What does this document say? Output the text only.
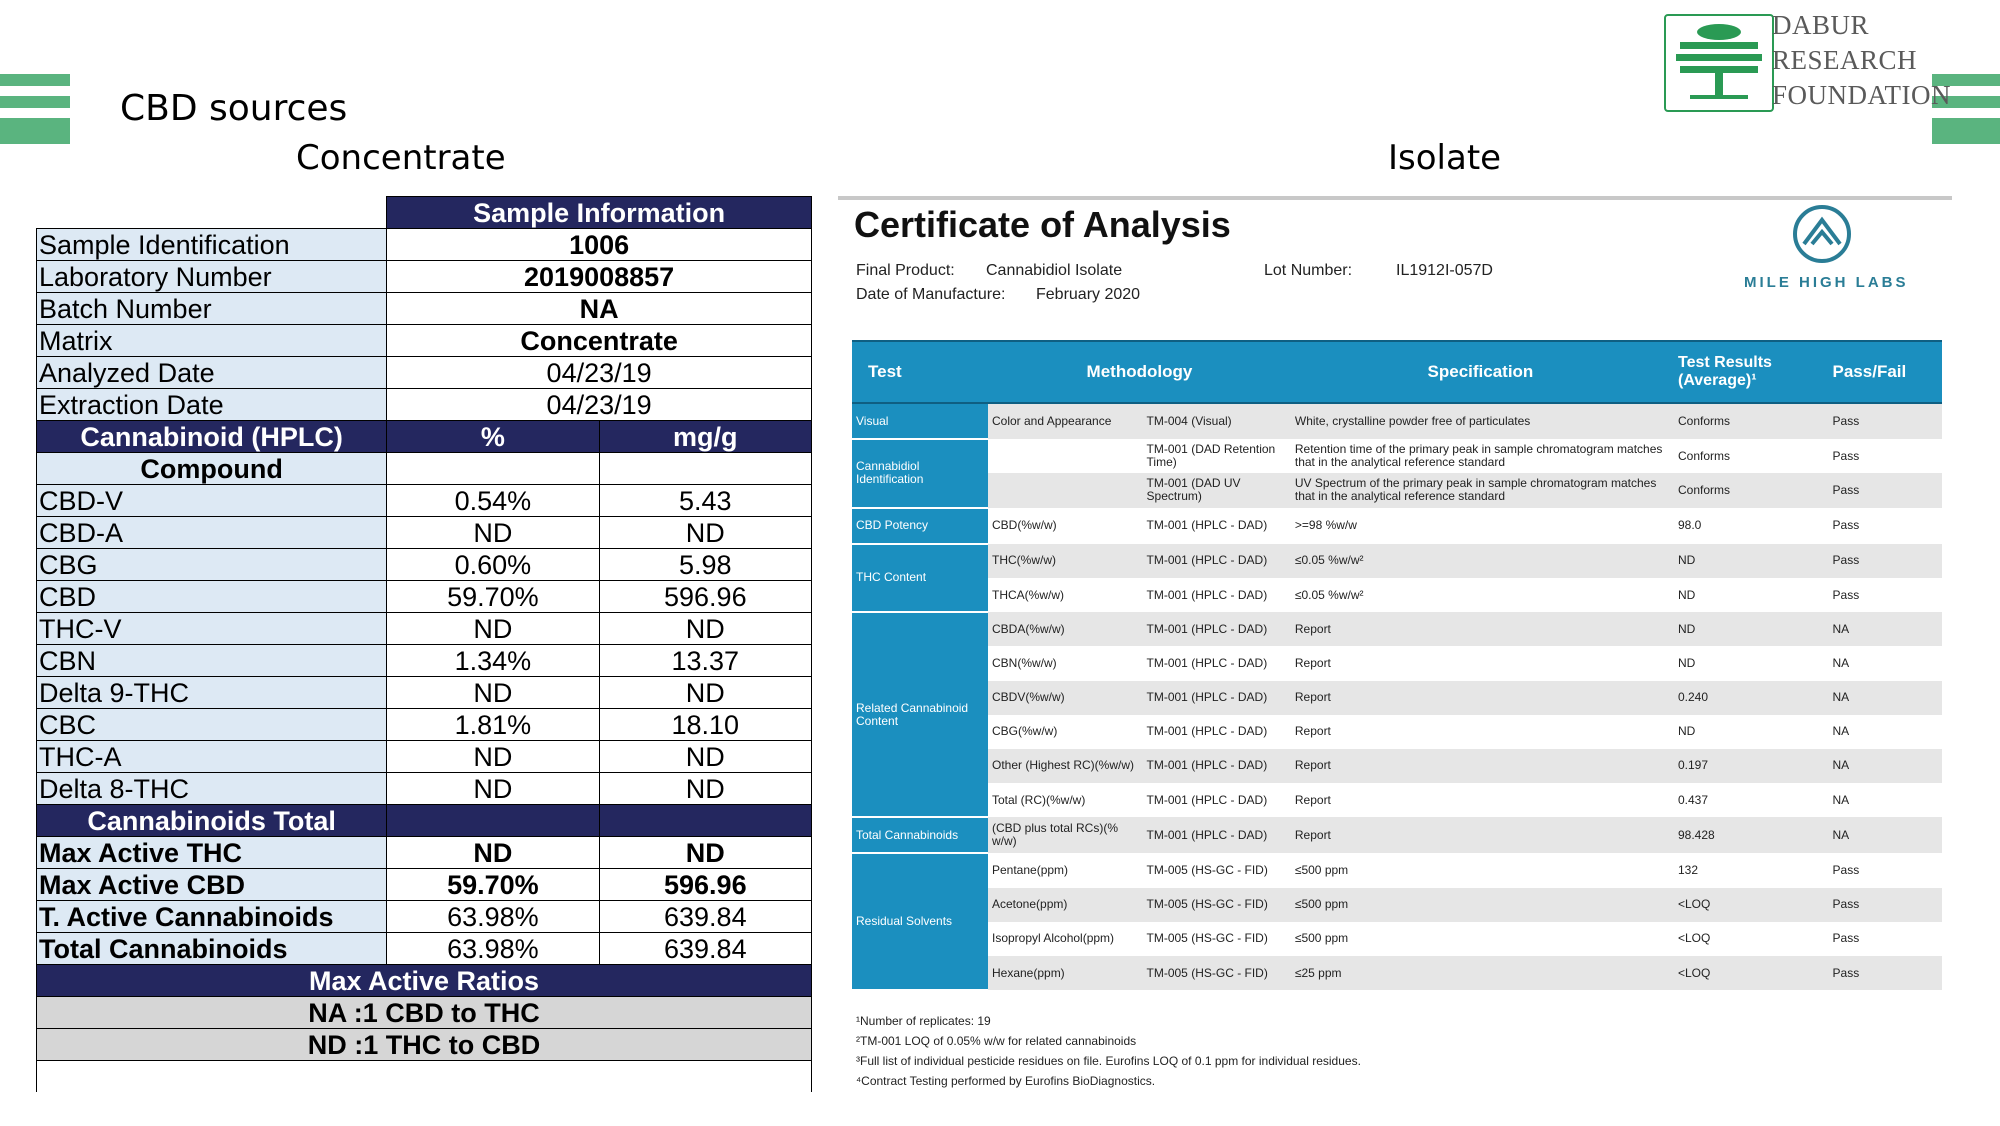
DABUR
RESEARCH
FOUNDATION
CBD sources
Concentrate	Isolate
	Sample Information	
Sample Identification	1006	
Laboratory Number	2019008857	
Batch Number	NA	
Matrix	Concentrate	
Analyzed Date	04/23/19	
Extraction Date	04/23/19	
Cannabinoid (HPLC)	%	mg/g
Compound		
CBD-V	0.54%	5.43
CBD-A	ND	ND
CBG	0.60%	5.98
CBD	59.70%	596.96
THC-V	ND	ND
CBN	1.34%	13.37
Delta 9-THC	ND	ND
CBC	1.81%	18.10
THC-A	ND	ND
Delta 8-THC	ND	ND
Cannabinoids Total		
Max Active THC	ND	ND
Max Active CBD	59.70%	596.96
T. Active Cannabinoids	63.98%	639.84
Total Cannabinoids	63.98%	639.84
Max Active Ratios		
NA :1 CBD to THC		
ND :1 THC to CBD		

Certificate of Analysis
Final Product: Cannabidiol Isolate	Lot Number:	IL1912I-057D
Date of Manufacture: February 2020
MILE HIGH LABS
Test	Methodology		Specification	Test Results (Average)¹	Pass/Fail
Visual	Color and Appearance	TM-004 (Visual)	White, crystalline powder free of particulates	Conforms	Pass
Cannabidiol Identification		TM-001 (DAD Retention Time)	Retention time of the primary peak in sample chromatogram matches that in the analytical reference standard	Conforms	Pass
		TM-001 (DAD UV Spectrum)	UV Spectrum of the primary peak in sample chromatogram matches that in the analytical reference standard	Conforms	Pass
CBD Potency	CBD(%w/w)	TM-001 (HPLC - DAD)	>=98 %w/w	98.0	Pass
THC Content	THC(%w/w)	TM-001 (HPLC - DAD)	≤0.05 %w/w²	ND	Pass
	THCA(%w/w)	TM-001 (HPLC - DAD)	≤0.05 %w/w²	ND	Pass
Related Cannabinoid Content	CBDA(%w/w)	TM-001 (HPLC - DAD)	Report	ND	NA
	CBN(%w/w)	TM-001 (HPLC - DAD)	Report	ND	NA
	CBDV(%w/w)	TM-001 (HPLC - DAD)	Report	0.240	NA
	CBG(%w/w)	TM-001 (HPLC - DAD)	Report	ND	NA
	Other (Highest RC)(%w/w)	TM-001 (HPLC - DAD)	Report	0.197	NA
	Total (RC)(%w/w)	TM-001 (HPLC - DAD)	Report	0.437	NA
Total Cannabinoids	(CBD plus total RCs)(% w/w)	TM-001 (HPLC - DAD)	Report	98.428	NA
Residual Solvents	Pentane(ppm)	TM-005 (HS-GC - FID)	≤500 ppm	132	Pass
	Acetone(ppm)	TM-005 (HS-GC - FID)	≤500 ppm	<LOQ	Pass
	Isopropyl Alcohol(ppm)	TM-005 (HS-GC - FID)	≤500 ppm	<LOQ	Pass
	Hexane(ppm)	TM-005 (HS-GC - FID)	≤25 ppm	<LOQ	Pass
¹Number of replicates: 19
²TM-001 LOQ of 0.05% w/w for related cannabinoids
³Full list of individual pesticide residues on file. Eurofins LOQ of 0.1 ppm for individual residues.
⁴Contract Testing performed by Eurofins BioDiagnostics.
